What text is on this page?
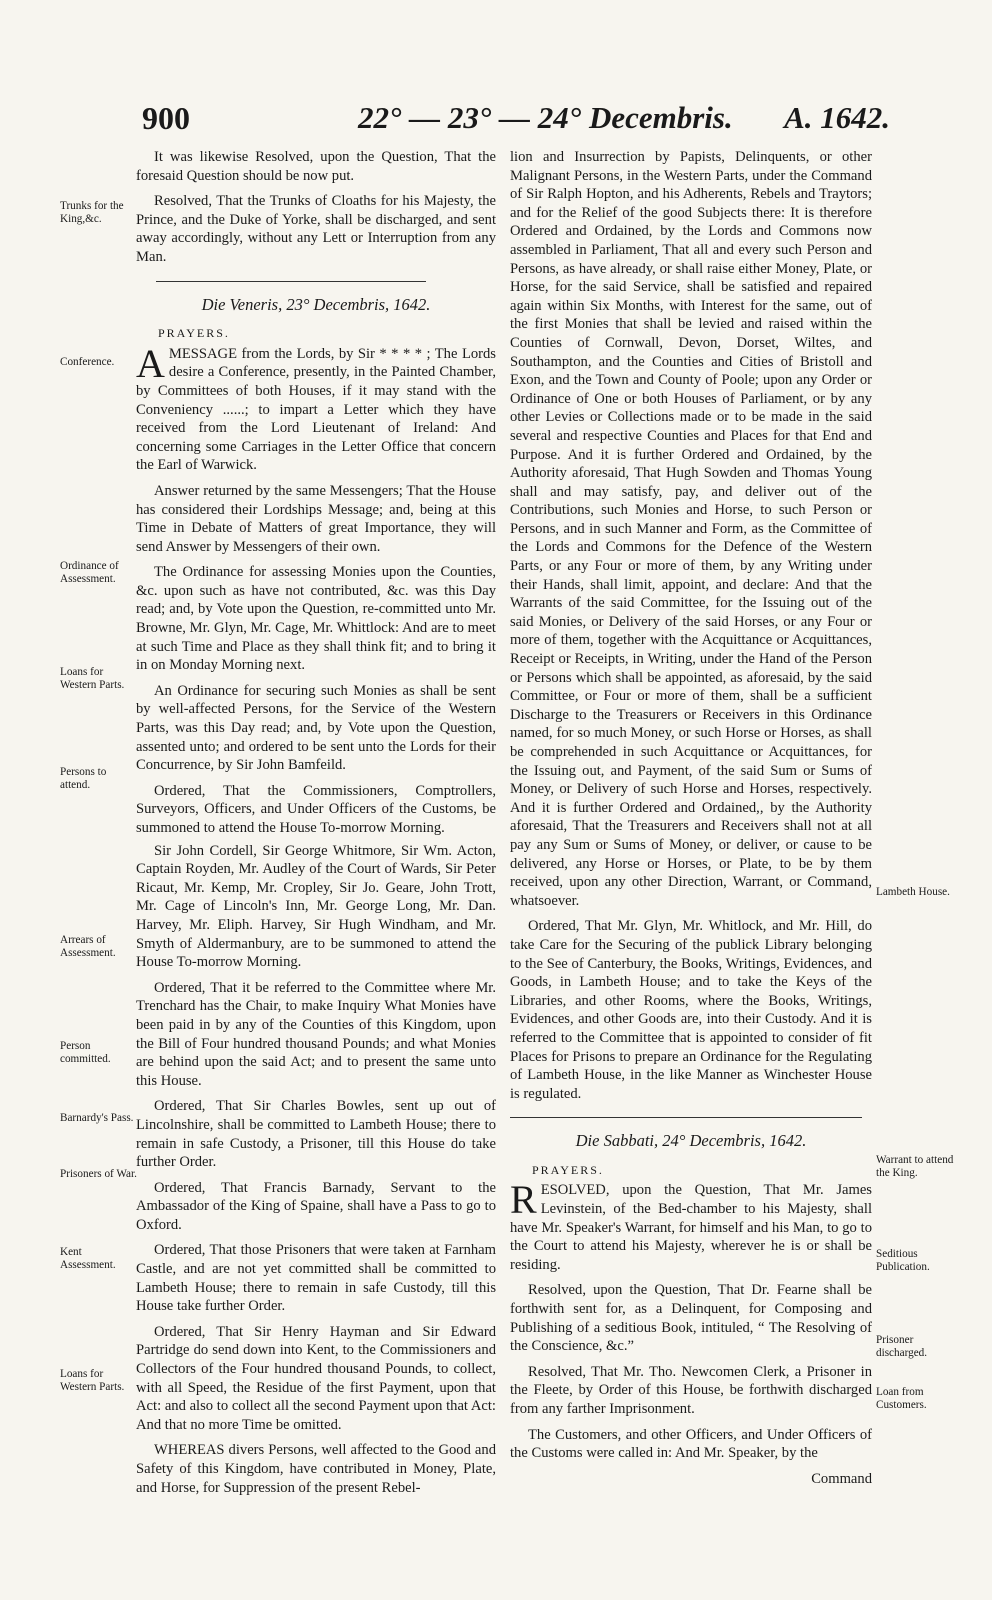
900	22° — 23° — 24° Decembris. A. 1642.
Trunks for the King,&c.
Conference.
Ordinance of Assessment.
Loans for Western Parts.
Persons to attend.
Arrears of Assessment.
Person committed.
Barnardy's Pass.
Prisoners of War.
Kent Assessment.
Loans for Western Parts.
Lambeth House.
Warrant to attend the King.
Seditious Publication.
Prisoner discharged.
Loan from Customers.

It was likewise Resolved, upon the Question, That the foresaid Question should be now put.

Resolved, That the Trunks of Cloaths for his Majesty, the Prince, and the Duke of Yorke, shall be discharged, and sent away accordingly, without any Lett or Interruption from any Man.

Die Veneris, 23° Decembris, 1642.

PRAYERS.

AMESSAGE from the Lords, by Sir * * * * ; The Lords desire a Conference, presently, in the Painted Chamber, by Committees of both Houses, if it may stand with the Conveniency ......; to impart a Letter which they have received from the Lord Lieutenant of Ireland: And concerning some Carriages in the Letter Office that concern the Earl of Warwick.

Answer returned by the same Messengers; That the House has considered their Lordships Message; and, being at this Time in Debate of Matters of great Importance, they will send Answer by Messengers of their own.

The Ordinance for assessing Monies upon the Counties, &c. upon such as have not contributed, &c. was this Day read; and, by Vote upon the Question, re-committed unto Mr. Browne, Mr. Glyn, Mr. Cage, Mr. Whittlock: And are to meet at such Time and Place as they shall think fit; and to bring it in on Monday Morning next.

An Ordinance for securing such Monies as shall be sent by well-affected Persons, for the Service of the Western Parts, was this Day read; and, by Vote upon the Question, assented unto; and ordered to be sent unto the Lords for their Concurrence, by Sir John Bamfeild.

Ordered, That the Commissioners, Comptrollers, Surveyors, Officers, and Under Officers of the Customs, be summoned to attend the House To-morrow Morning.

Sir John Cordell, Sir George Whitmore, Sir Wm. Acton, Captain Royden, Mr. Audley of the Court of Wards, Sir Peter Ricaut, Mr. Kemp, Mr. Cropley, Sir Jo. Geare, John Trott, Mr. Cage of Lincoln's Inn, Mr. George Long, Mr. Dan. Harvey, Mr. Eliph. Harvey, Sir Hugh Windham, and Mr. Smyth of Aldermanbury, are to be summoned to attend the House To-morrow Morning.

Ordered, That it be referred to the Committee where Mr. Trenchard has the Chair, to make Inquiry What Monies have been paid in by any of the Counties of this Kingdom, upon the Bill of Four hundred thousand Pounds; and what Monies are behind upon the said Act; and to present the same unto this House.

Ordered, That Sir Charles Bowles, sent up out of Lincolnshire, shall be committed to Lambeth House; there to remain in safe Custody, a Prisoner, till this House do take further Order.

Ordered, That Francis Barnady, Servant to the Ambassador of the King of Spaine, shall have a Pass to go to Oxford.

Ordered, That those Prisoners that were taken at Farnham Castle, and are not yet committed shall be committed to Lambeth House; there to remain in safe Custody, till this House take further Order.

Ordered, That Sir Henry Hayman and Sir Edward Partridge do send down into Kent, to the Commissioners and Collectors of the Four hundred thousand Pounds, to collect, with all Speed, the Residue of the first Payment, upon that Act: and also to collect all the second Payment upon that Act: And that no more Time be omitted.

WHEREAS divers Persons, well affected to the Good and Safety of this Kingdom, have contributed in Money, Plate, and Horse, for Suppression of the present Rebel-

lion and Insurrection by Papists, Delinquents, or other Malignant Persons, in the Western Parts, under the Command of Sir Ralph Hopton, and his Adherents, Rebels and Traytors; and for the Relief of the good Subjects there: It is therefore Ordered and Ordained, by the Lords and Commons now assembled in Parliament, That all and every such Person and Persons, as have already, or shall raise either Money, Plate, or Horse, for the said Service, shall be satisfied and repaired again within Six Months, with Interest for the same, out of the first Monies that shall be levied and raised within the Counties of Cornwall, Devon, Dorset, Wiltes, and Southampton, and the Counties and Cities of Bristoll and Exon, and the Town and County of Poole; upon any Order or Ordinance of One or both Houses of Parliament, or by any other Levies or Collections made or to be made in the said several and respective Counties and Places for that End and Purpose. And it is further Ordered and Ordained, by the Authority aforesaid, That Hugh Sowden and Thomas Young shall and may satisfy, pay, and deliver out of the Contributions, such Monies and Horse, to such Person or Persons, and in such Manner and Form, as the Committee of the Lords and Commons for the Defence of the Western Parts, or any Four or more of them, by any Writing under their Hands, shall limit, appoint, and declare: And that the Warrants of the said Committee, for the Issuing out of the said Monies, or Delivery of the said Horses, or any Four or more of them, together with the Acquittance or Acquittances, Receipt or Receipts, in Writing, under the Hand of the Person or Persons which shall be appointed, as aforesaid, by the said Committee, or Four or more of them, shall be a sufficient Discharge to the Treasurers or Receivers in this Ordinance named, for so much Money, or such Horse or Horses, as shall be comprehended in such Acquittance or Acquittances, for the Issuing out, and Payment, of the said Sum or Sums of Money, or Delivery of such Horse and Horses, respectively. And it is further Ordered and Ordained,, by the Authority aforesaid, That the Treasurers and Receivers shall not at all pay any Sum or Sums of Money, or deliver, or cause to be delivered, any Horse or Horses, or Plate, to be by them received, upon any other Direction, Warrant, or Command, whatsoever.

Ordered, That Mr. Glyn, Mr. Whitlock, and Mr. Hill, do take Care for the Securing of the publick Library belonging to the See of Canterbury, the Books, Writings, Evidences, and Goods, in Lambeth House; and to take the Keys of the Libraries, and other Rooms, where the Books, Writings, Evidences, and other Goods are, into their Custody. And it is referred to the Committee that is appointed to consider of fit Places for Prisons to prepare an Ordinance for the Regulating of Lambeth House, in the like Manner as Winchester House is regulated.

Die Sabbati, 24° Decembris, 1642.

PRAYERS.

RESOLVED, upon the Question, That Mr. James Levinstein, of the Bed-chamber to his Majesty, shall have Mr. Speaker's Warrant, for himself and his Man, to go to the Court to attend his Majesty, wherever he is or shall be residing.

Resolved, upon the Question, That Dr. Fearne shall be forthwith sent for, as a Delinquent, for Composing and Publishing of a seditious Book, intituled, “ The Resolving of the Conscience, &c.”

Resolved, That Mr. Tho. Newcomen Clerk, a Prisoner in the Fleete, by Order of this House, be forthwith discharged from any farther Imprisonment.

The Customers, and other Officers, and Under Officers of the Customs were called in: And Mr. Speaker, by the

Command
